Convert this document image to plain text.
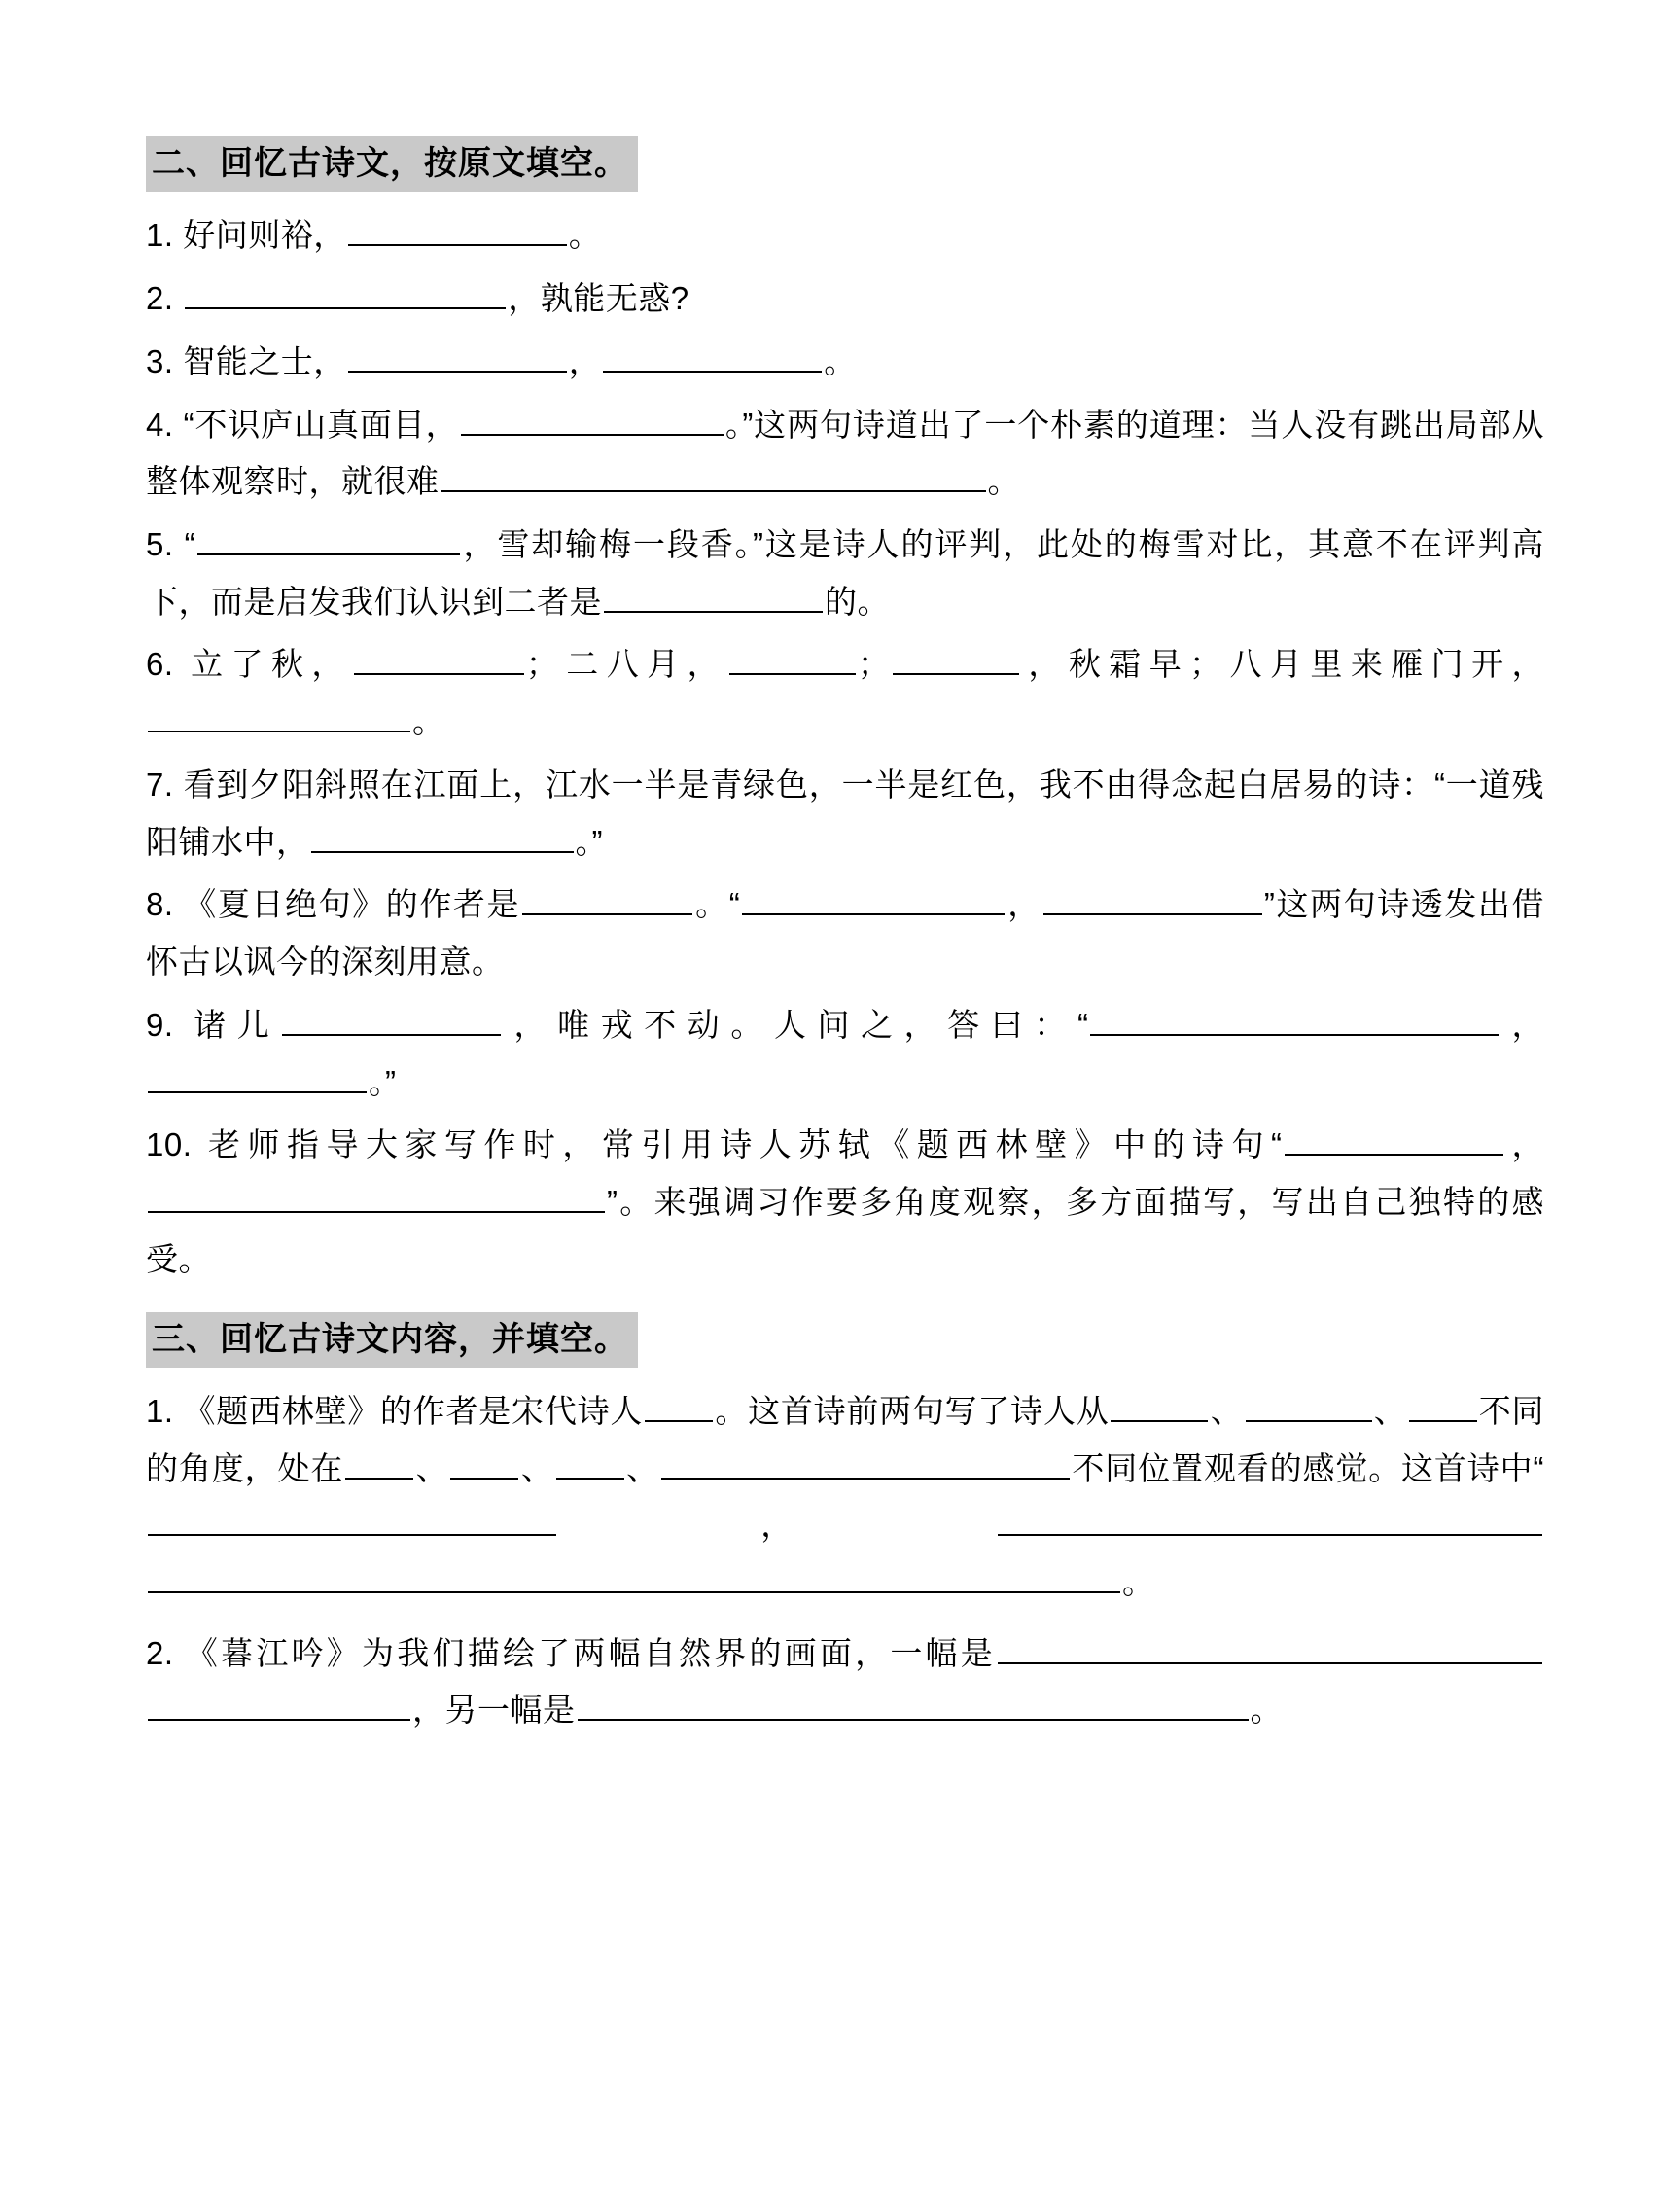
二、回忆古诗文，按原文填空。

1. 好问则裕，	。

2.	，孰能无惑?

3. 智能之士，	，	。

4. “不识庐山真面目，	。”这两句诗道出了一个朴素的道理：当人没有跳出局部从整体观察时，就很难	。

5. “	，雪却输梅一段香。”这是诗人的评判，此处的梅雪对比，其意不在评判高下，而是启发我们认识到二者是	的。

6. 立了秋，	；二八月，	；	，秋霜早；八月里来雁门开，。

7. 看到夕阳斜照在江面上，江水一半是青绿色，一半是红色，我不由得念起白居易的诗：“一道残阳铺水中，	。”

8. 《夏日绝句》的作者是	。“	，	”这两句诗透发出借怀古以讽今的深刻用意。

9. 诸儿	，唯戎不动。人问之，答曰：“	，。”

10. 老师指导大家写作时，常引用诗人苏轼《题西林壁》中的诗句“	，”。来强调习作要多角度观察，多方面描写，写出自己独特的感受。

三、回忆古诗文内容，并填空。

1. 《题西林壁》的作者是宋代诗人 。这首诗前两句写了诗人从	、	、 不同的角度，处在 、 、 、	不同位置观看的感觉。这首诗中“，。

2. 《暮江吟》为我们描绘了两幅自然界的画面，一幅是，另一幅是	。
